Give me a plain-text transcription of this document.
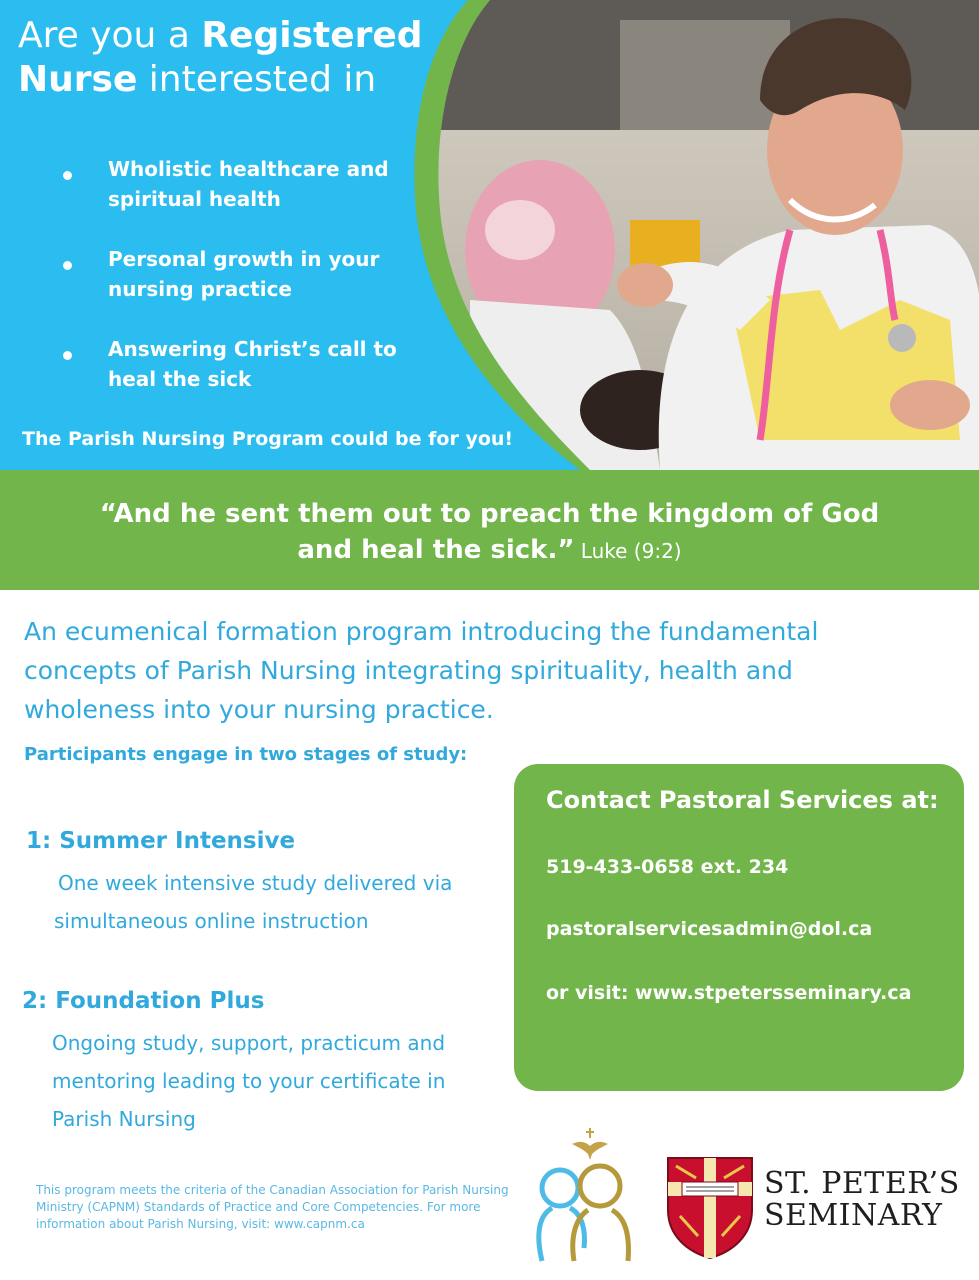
Are you a Registered
Nurse interested in
Wholistic healthcare and spiritual health
Personal growth in your nursing practice
Answering Christ’s call to heal the sick
The Parish Nursing Program could be for you!
“And he sent them out to preach the kingdom of God
and heal the sick.” Luke (9:2)

An ecumenical formation program introducing the fundamental concepts of Parish Nursing integrating spirituality, health and wholeness into your nursing practice.

Participants engage in two stages of study:
1: Summer Intensive
One week intensive study delivered via simultaneous online instruction
2: Foundation Plus
Ongoing study, support, practicum and mentoring leading to your certificate in Parish Nursing
Contact Pastoral Services at:
519-433-0658 ext. 234
pastoralservicesadmin@dol.ca
or visit: www.stpetersseminary.ca

This program meets the criteria of the Canadian Association for Parish Nursing Ministry (CAPNM) Standards of Practice and Core Competencies. For more information about Parish Nursing, visit: www.capnm.ca

ST. PETER’S
SEMINARY
